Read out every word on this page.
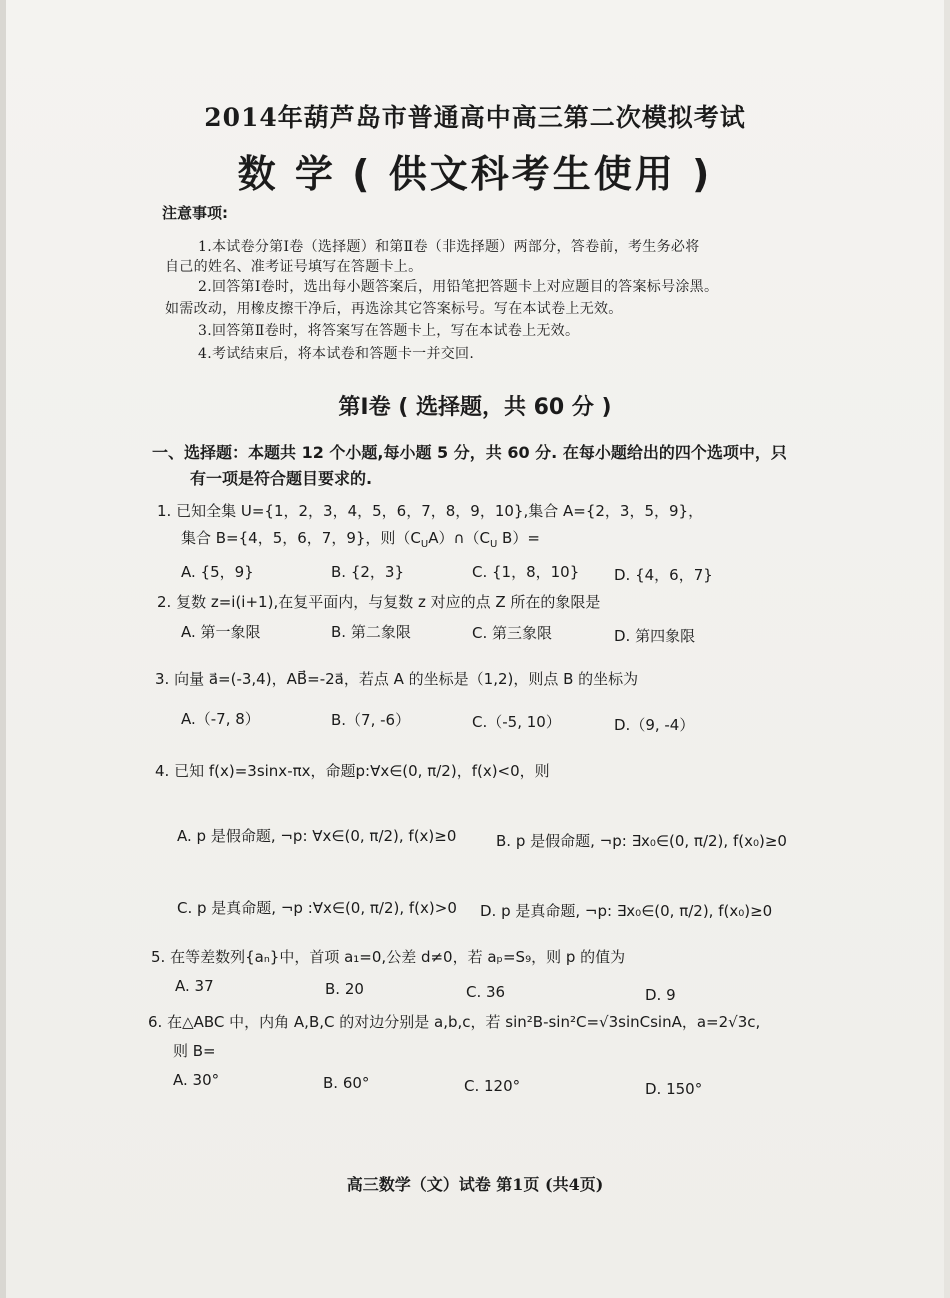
2014年葫芦岛市普通高中高三第二次模拟考试
数 学 ( 供文科考生使用 )
注意事项:
1.本试卷分第Ⅰ卷（选择题）和第Ⅱ卷（非选择题）两部分，答卷前，考生务必将
自己的姓名、准考证号填写在答题卡上。
2.回答第Ⅰ卷时，选出每小题答案后，用铅笔把答题卡上对应题目的答案标号涂黑。
如需改动，用橡皮擦干净后，再选涂其它答案标号。写在本试卷上无效。
3.回答第Ⅱ卷时，将答案写在答题卡上，写在本试卷上无效。
4.考试结束后，将本试卷和答题卡一并交回.
第Ⅰ卷 ( 选择题，共 60 分 )
一、选择题：本题共 12 个小题,每小题 5 分，共 60 分. 在每小题给出的四个选项中，只
有一项是符合题目要求的.
1. 已知全集 U={1，2，3，4，5，6，7，8，9，10},集合 A={2，3，5，9}，
集合 B={4，5，6，7，9}，则$(C_UA)\cap(C_U$ B）=
A. {5，9}	B. {2，3}	C. {1，8，10} D. {4，6，7}
2. 复数 z=i(i+1),在复平面内，与复数 z 对应的点 Z 所在的象限是
A. 第一象限	B. 第二象限	C. 第三象限	D. 第四象限
3. 向量 a⃗=(-3,4)，AB⃗=-2a⃗，若点 A 的坐标是（1,2)，则点 B 的坐标为
A.（-7, 8）	B.（7, -6）	C.（-5, 10）	D.（9, -4）
4. 已知 f(x)=3sinx-πx，命题p:∀x∈(0, π/2)，f(x)<0，则
A. p 是假命题, ¬p: ∀x∈(0, π/2), f(x)≥0	B. p 是假命题, ¬p: ∃x₀∈(0, π/2), f(x₀)≥0
C. p 是真命题, ¬p :∀x∈(0, π/2), f(x)>0 D. p 是真命题, ¬p: ∃x₀∈(0, π/2), f(x₀)≥0
5. 在等差数列{aₙ}中，首项 a₁=0,公差 d≠0，若 aₚ=S₉，则 p 的值为
A. 37	B. 20	C. 36	D. 9
6. 在△ABC 中，内角 A,B,C 的对边分别是 a,b,c，若 sin²B-sin²C=√3sinCsinA，a=2√3c,
则 B=
A. 30°	B. 60°	C. 120°	D. 150°
高三数学（文）试卷 第1页 (共4页)
